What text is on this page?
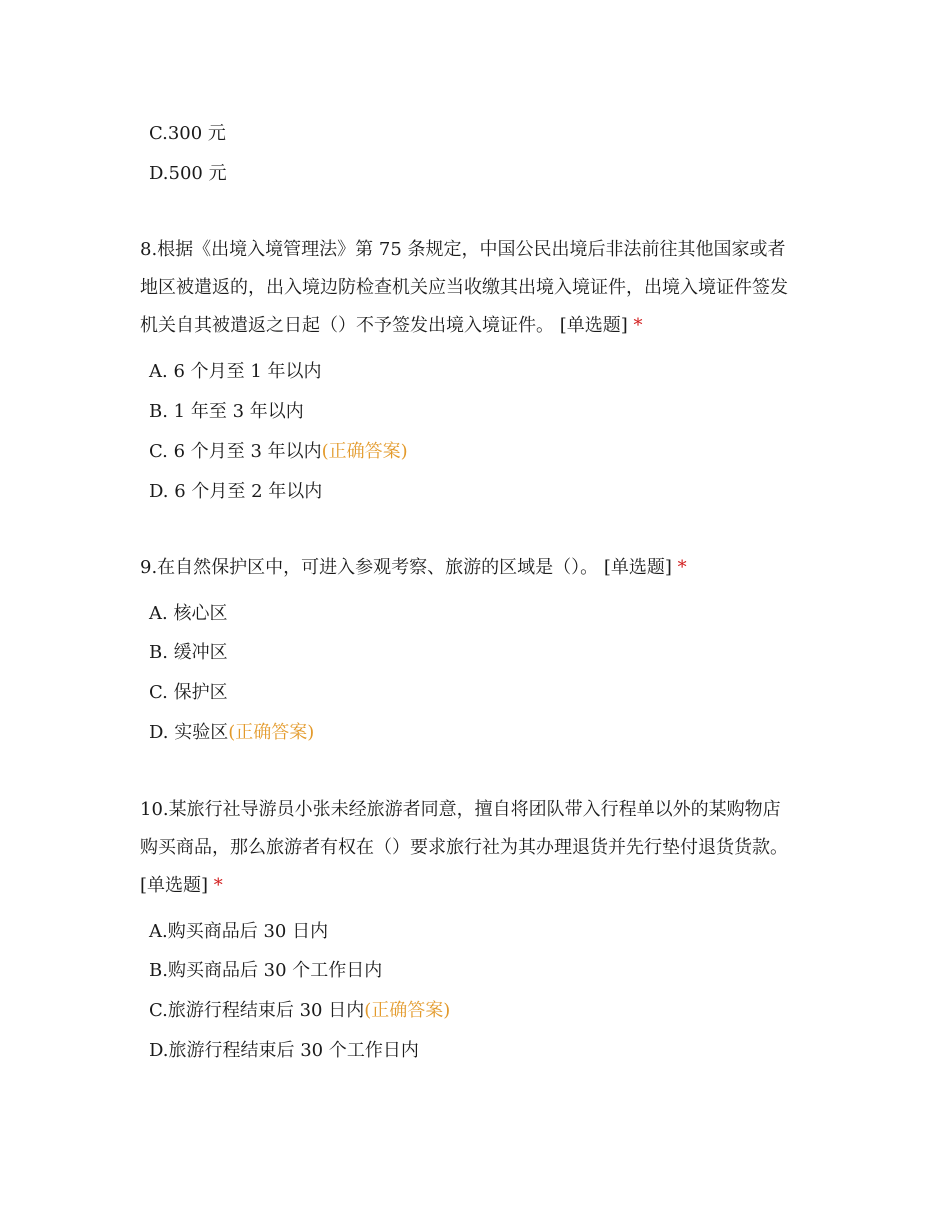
C.300 元
D.500 元
8.根据《出境入境管理法》第 75 条规定，中国公民出境后非法前往其他国家或者
地区被遣返的，出入境边防检查机关应当收缴其出境入境证件，出境入境证件签发
机关自其被遣返之日起（）不予签发出境入境证件。 [单选题] *
A. 6 个月至 1 年以内
B. 1 年至 3 年以内
C. 6 个月至 3 年以内(正确答案)
D. 6 个月至 2 年以内
9.在自然保护区中，可进入参观考察、旅游的区域是（）。 [单选题] *
A. 核心区
B. 缓冲区
C. 保护区
D. 实验区(正确答案)
10.某旅行社导游员小张未经旅游者同意，擅自将团队带入行程单以外的某购物店
购买商品，那么旅游者有权在（）要求旅行社为其办理退货并先行垫付退货货款。
[单选题] *
A.购买商品后 30 日内
B.购买商品后 30 个工作日内
C.旅游行程结束后 30 日内(正确答案)
D.旅游行程结束后 30 个工作日内
